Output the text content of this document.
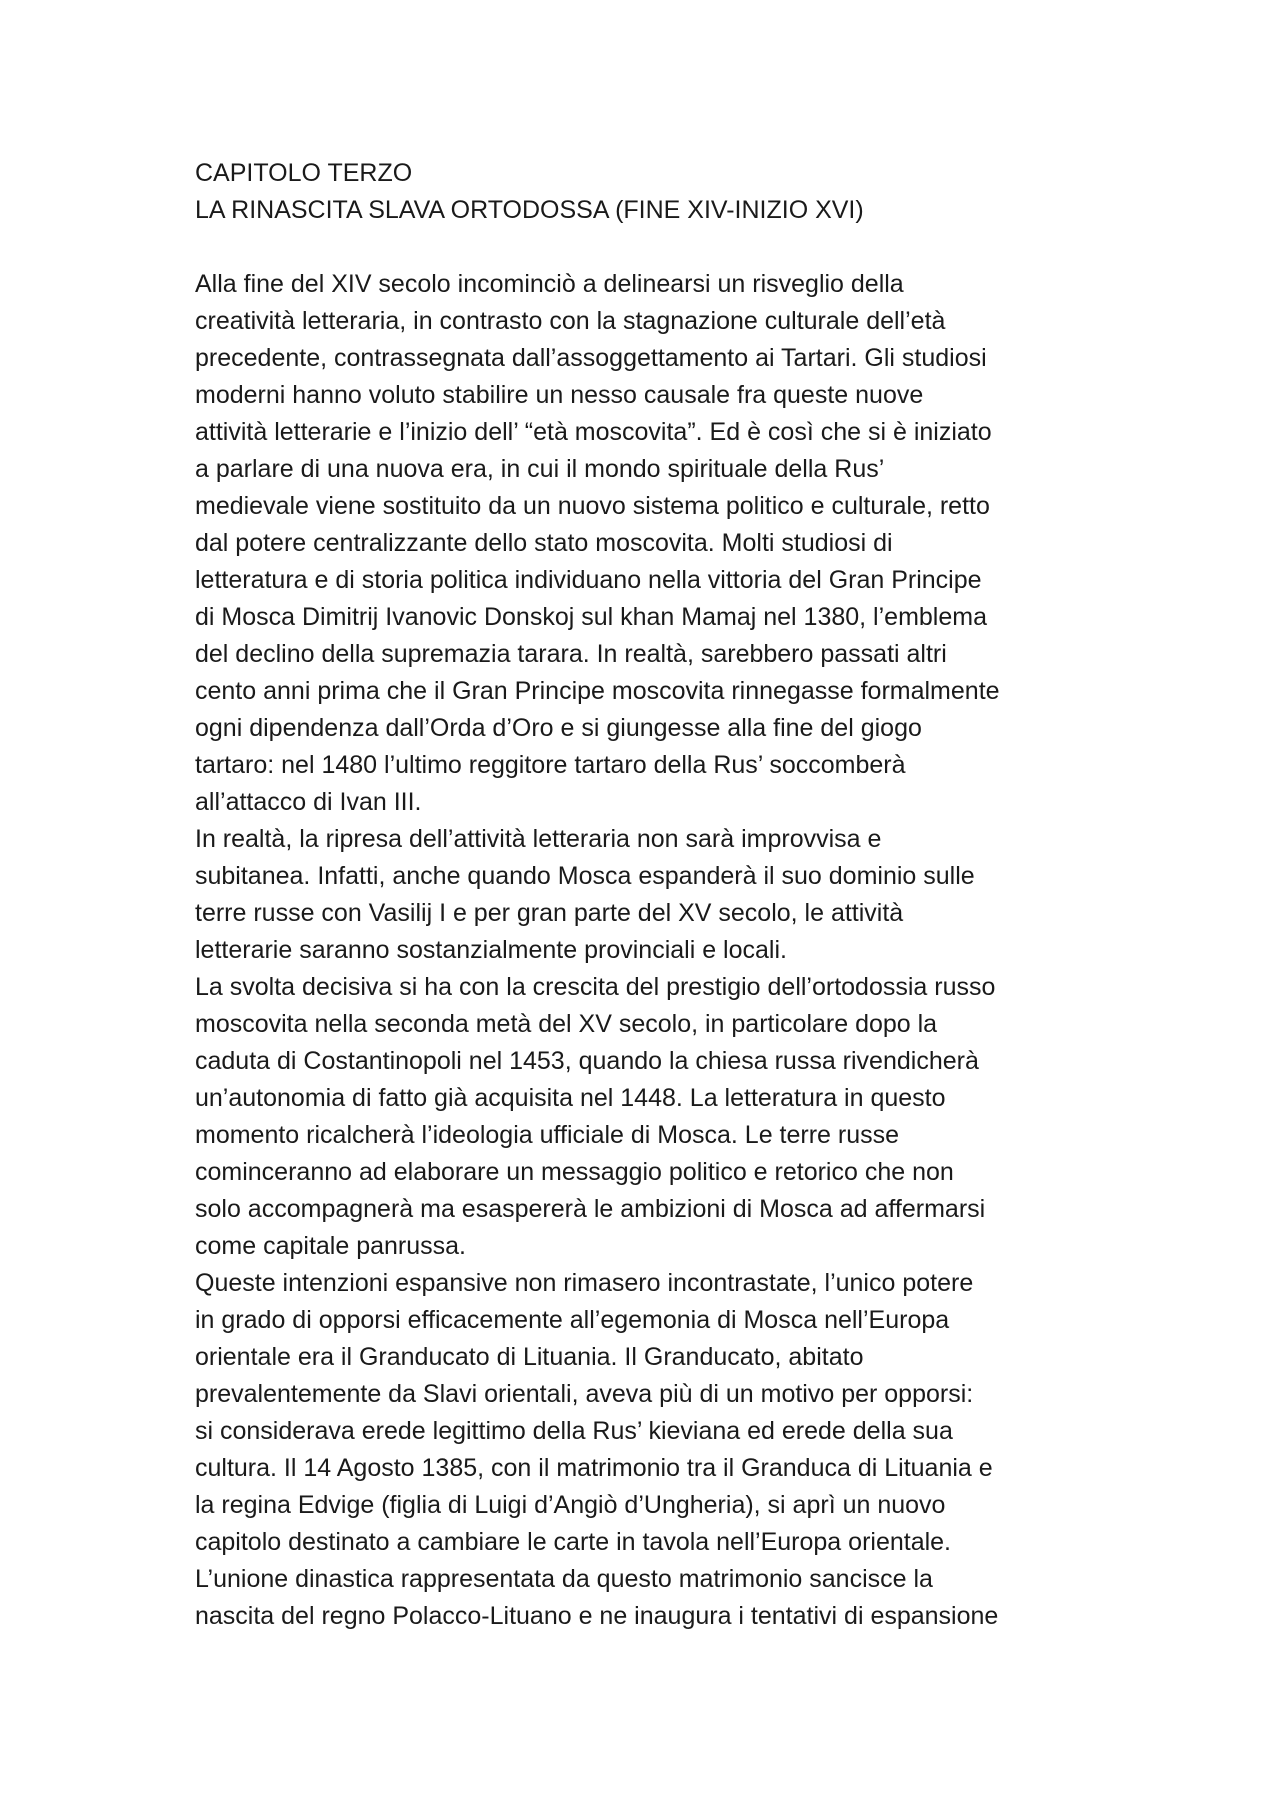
CAPITOLO TERZO
LA RINASCITA SLAVA ORTODOSSA (FINE XIV-INIZIO XVI)
Alla fine del XIV secolo incominciò a delinearsi un risveglio della
creatività letteraria, in contrasto con la stagnazione culturale dell’età
precedente, contrassegnata dall’assoggettamento ai Tartari. Gli studiosi
moderni hanno voluto stabilire un nesso causale fra queste nuove
attività letterarie e l’inizio dell’ “età moscovita”. Ed è così che si è iniziato
a parlare di una nuova era, in cui il mondo spirituale della Rus’
medievale viene sostituito da un nuovo sistema politico e culturale, retto
dal potere centralizzante dello stato moscovita. Molti studiosi di
letteratura e di storia politica individuano nella vittoria del Gran Principe
di Mosca Dimitrij Ivanovic Donskoj sul khan Mamaj nel 1380, l’emblema
del declino della supremazia tarara. In realtà, sarebbero passati altri
cento anni prima che il Gran Principe moscovita rinnegasse formalmente
ogni dipendenza dall’Orda d’Oro e si giungesse alla fine del giogo
tartaro: nel 1480 l’ultimo reggitore tartaro della Rus’ soccomberà
all’attacco di Ivan III.
In realtà, la ripresa dell’attività letteraria non sarà improvvisa e
subitanea. Infatti, anche quando Mosca espanderà il suo dominio sulle
terre russe con Vasilij I e per gran parte del XV secolo, le attività
letterarie saranno sostanzialmente provinciali e locali.
La svolta decisiva si ha con la crescita del prestigio dell’ortodossia russo
moscovita nella seconda metà del XV secolo, in particolare dopo la
caduta di Costantinopoli nel 1453, quando la chiesa russa rivendicherà
un’autonomia di fatto già acquisita nel 1448. La letteratura in questo
momento ricalcherà l’ideologia ufficiale di Mosca. Le terre russe
cominceranno ad elaborare un messaggio politico e retorico che non
solo accompagnerà ma esaspererà le ambizioni di Mosca ad affermarsi
come capitale panrussa.
Queste intenzioni espansive non rimasero incontrastate, l’unico potere
in grado di opporsi efficacemente all’egemonia di Mosca nell’Europa
orientale era il Granducato di Lituania. Il Granducato, abitato
prevalentemente da Slavi orientali, aveva più di un motivo per opporsi:
si considerava erede legittimo della Rus’ kieviana ed erede della sua
cultura. Il 14 Agosto 1385, con il matrimonio tra il Granduca di Lituania e
la regina Edvige (figlia di Luigi d’Angiò d’Ungheria), si aprì un nuovo
capitolo destinato a cambiare le carte in tavola nell’Europa orientale.
L’unione dinastica rappresentata da questo matrimonio sancisce la
nascita del regno Polacco-Lituano e ne inaugura i tentativi di espansione
